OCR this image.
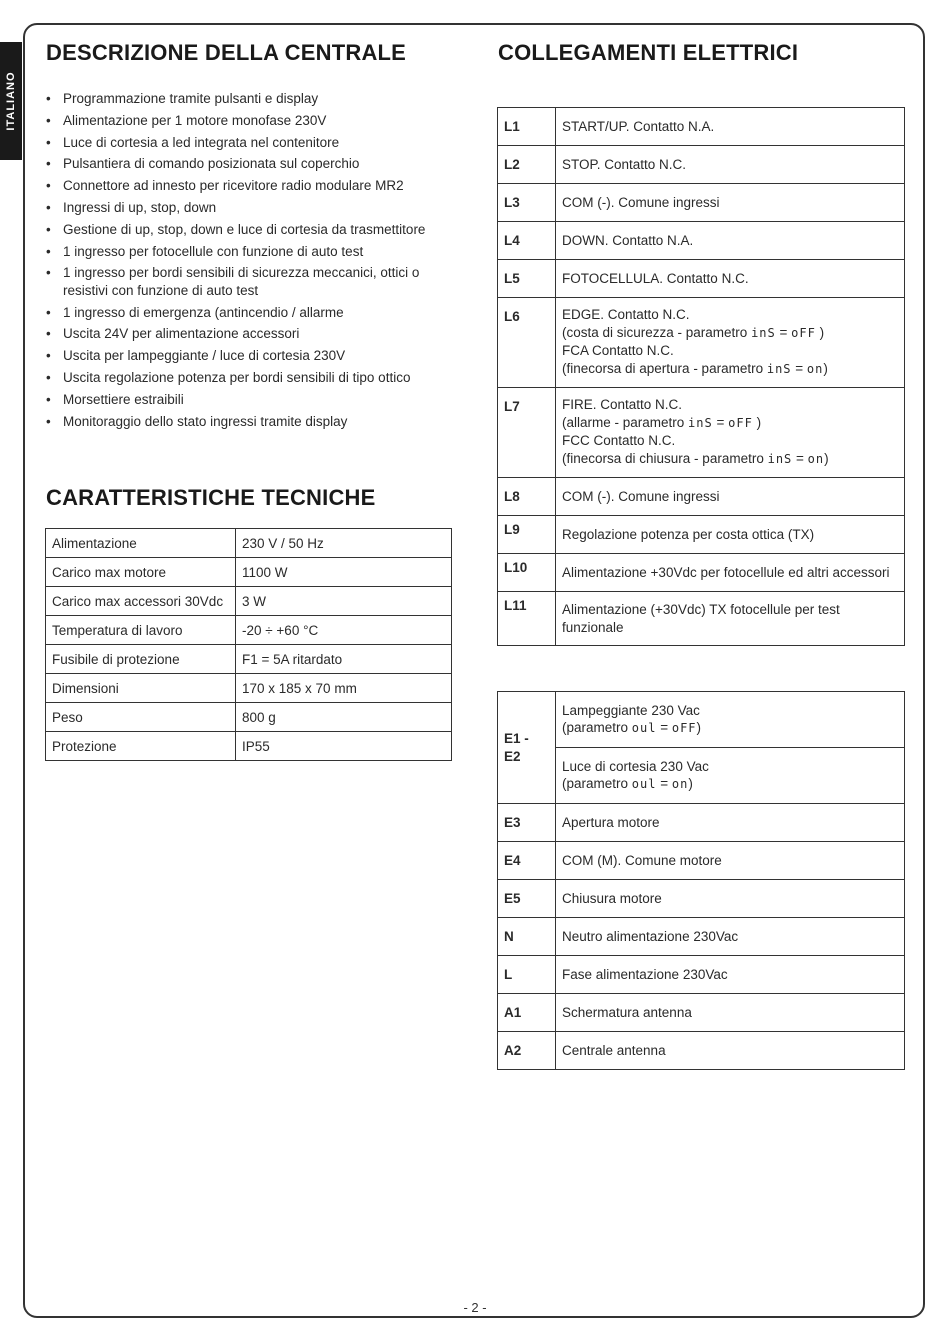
ITALIANO
DESCRIZIONE DELLA CENTRALE
• Programmazione tramite pulsanti e display
• Alimentazione per 1 motore monofase 230V
• Luce di cortesia a led integrata nel contenitore
• Pulsantiera di comando posizionata sul coperchio
• Connettore ad innesto per ricevitore radio modulare MR2
• Ingressi di up, stop, down
• Gestione di up, stop, down e luce di cortesia da trasmettitore
• 1 ingresso per fotocellule con funzione di auto test
• 1 ingresso per bordi sensibili di sicurezza meccanici, ottici o resistivi con funzione di auto test
• 1 ingresso di emergenza (antincendio / allarme
• Uscita 24V per alimentazione accessori
• Uscita per lampeggiante / luce di cortesia 230V
• Uscita regolazione potenza per bordi sensibili di tipo ottico
• Morsettiere estraibili
• Monitoraggio dello stato ingressi tramite display
CARATTERISTICHE TECNICHE
Alimentazione	230 V / 50 Hz
Carico max motore	1100 W
Carico max accessori 30Vdc	3 W
Temperatura di lavoro	-20 ÷ +60 °C
Fusibile di protezione	F1 = 5A ritardato
Dimensioni	170 x 185 x 70 mm
Peso	800 g
Protezione	IP55
COLLEGAMENTI ELETTRICI
L1	START/UP. Contatto N.A.

L2	STOP. Contatto N.C.

L3	COM (-). Comune ingressi

L4	DOWN. Contatto N.A.

L5	FOTOCELLULA. Contatto N.C.

L6	EDGE. Contatto N.C.
(costa di sicurezza - parametro inS = oFF )
FCA Contatto N.C.
(finecorsa di apertura - parametro inS = on)

L7	FIRE. Contatto N.C.
(allarme - parametro inS = oFF )
FCC Contatto N.C.
(finecorsa di chiusura - parametro inS = on)

L8	COM (-). Comune ingressi

L9	Regolazione potenza per costa ottica (TX)

L10	Alimentazione +30Vdc per fotocellule ed altri accessori

L11	Alimentazione (+30Vdc) TX fotocellule per test funzionale
E1 - E2	Lampeggiante 230 Vac
(parametro oul = oFF)

	Luce di cortesia 230 Vac
(parametro oul = on)

E3	Apertura motore
E4	COM (M). Comune motore
E5	Chiusura motore
N	Neutro alimentazione 230Vac
L	Fase alimentazione 230Vac
A1	Schermatura antenna
A2	Centrale antenna
- 2 -
